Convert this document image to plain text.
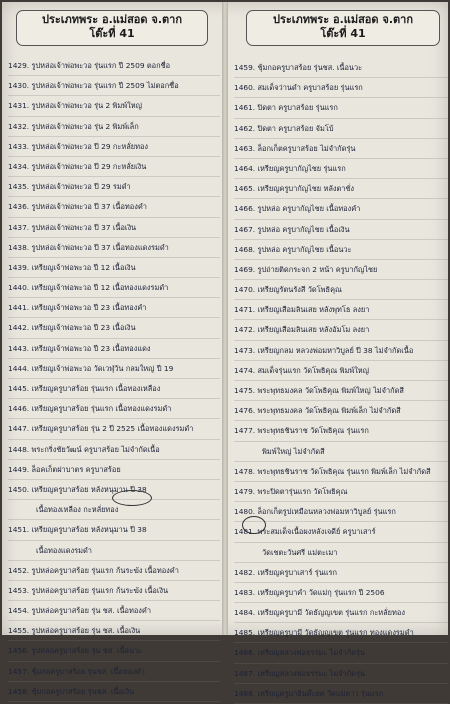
ประเภทพระ อ.แม่สอด จ.ตาก
โต๊ะที่ 41
1429. รูปหล่อเจ้าพ่อพะวอ รุ่นแรก ปี 2509 ตอกชื่อ
1430. รูปหล่อเจ้าพ่อพะวอ รุ่นแรก ปี 2509 ไม่ตอกชื่อ
1431. รูปหล่อเจ้าพ่อพะวอ รุ่น 2 พิมพ์ใหญ่
1432. รูปหล่อเจ้าพ่อพะวอ รุ่น 2 พิมพ์เล็ก
1433. รูปหล่อเจ้าพ่อพะวอ ปี 29 กะหลั่ยทอง
1434. รูปหล่อเจ้าพ่อพะวอ ปี 29 กะหลั่ยเงิน
1435. รูปหล่อเจ้าพ่อพะวอ ปี 29 รมดำ
1436. รูปหล่อเจ้าพ่อพะวอ ปี 37 เนื้อทองคำ
1437. รูปหล่อเจ้าพ่อพะวอ ปี 37 เนื้อเงิน
1438. รูปหล่อเจ้าพ่อพะวอ ปี 37 เนื้อทองแดงรมดำ
1439. เหรียญเจ้าพ่อพะวอ ปี 12 เนื้อเงิน
1440. เหรียญเจ้าพ่อพะวอ ปี 12 เนื้อทองแดงรมดำ
1441. เหรียญเจ้าพ่อพะวอ ปี 23 เนื้อทองคำ
1442. เหรียญเจ้าพ่อพะวอ ปี 23 เนื้อเงิน
1443. เหรียญเจ้าพ่อพะวอ ปี 23 เนื้อทองแดง
1444. เหรียญเจ้าพ่อพะวอ วัดเวฬุวัน กลมใหญ่ ปี 19
1445. เหรียญครูบาสร้อย รุ่นแรก เนื้อทองเหลือง
1446. เหรียญครูบาสร้อย รุ่นแรก เนื้อทองแดงรมดำ
1447. เหรียญครูบาสร้อย รุ่น 2 ปี 2525 เนื้อทองแดงรมดำ
1448. พระกริ่งชัยวัฒน์ ครูบาสร้อย ไม่จำกัดเนื้อ
1449. ล็อคเก็ตฝาบาตร ครูบาสร้อย
1450. เหรียญครูบาสร้อย หลังหนุมาน ปี 38
เนื้อทองเหลือง กะหลั่ยทอง
1451. เหรียญครูบาสร้อย หลังหนุมาน ปี 38
เนื้อทองแดงรมดำ
1452. รูปหล่อครูบาสร้อย รุ่นแรก ก้นระฆัง เนื้อทองคำ
1453. รูปหล่อครูบาสร้อย รุ่นแรก ก้นระฆัง เนื้อเงิน
1454. รูปหล่อครูบาสร้อย รุ่น ชส. เนื้อทองคำ
1455. รูปหล่อครูบาสร้อย รุ่น ชส. เนื้อเงิน
1456. รูปหล่อครูบาสร้อย รุ่น ชส. เนื้อนวะ
1457. ชุ้มกอครูบาสร้อย รุ่นชส. เนื้อทองคำ
1458. ชุ้มกอครูบาสร้อย รุ่นชส. เนื้อเงิน
ประเภทพระ อ.แม่สอด จ.ตาก
โต๊ะที่ 41
1459. ชุ้มกอครูบาสร้อย รุ่นชส. เนื้อนวะ
1460. สมเด็จว่านดำ ครูบาสร้อย รุ่นแรก
1461. ปิดตา ครูบาสร้อย รุ่นแรก
1462. ปิดตา ครูบาสร้อย จัมโบ้
1463. ล็อกเก็ตครูบาสร้อย ไม่จำกัดรุ่น
1464. เหรียญครูบากัญไชย รุ่นแรก
1465. เหรียญครูบากัญไชย หลังตาชั่ง
1466. รูปหล่อ ครูบากัญไชย เนื้อทองคำ
1467. รูปหล่อ ครูบากัญไชย เนื้อเงิน
1468. รูปหล่อ ครูบากัญไชย เนื้อนวะ
1469. รูปถ่ายติดกระจก 2 หน้า ครูบากัญไชย
1470. เหรียญรัตนรังสี วัดโพธิคุณ
1471. เหรียญเสือมลินเสย หลังพุทโธ ลงยา
1472. เหรียญเสือมลินเสย หลังอัมโม ลงยา
1473. เหรียญกลม หลวงพ่อมหาวิบูลย์ ปี 38 ไม่จำกัดเนื้อ
1474. สมเด็จรุ่นแรก วัดโพธิคุณ พิมพ์ใหญ่
1475. พระพุทธมงคล วัดโพธิคุณ พิมพ์ใหญ่ ไม่จำกัดสี
1476. พระพุทธมงคล วัดโพธิคุณ พิมพ์เล็ก ไม่จำกัดสี
1477. พระพุทธชินราช วัดโพธิคุณ รุ่นแรก
พิมพ์ใหญ่ ไม่จำกัดสี
1478. พระพุทธชินราช วัดโพธิคุณ รุ่นแรก พิมพ์เล็ก ไม่จำกัดสี
1479. พระปิดตารุ่นแรก วัดโพธิคุณ
1480. ล็อกเก็ตรูปเหมือนหลวงพ่อมหาวิบูลย์ รุ่นแรก
1481. พระสมเด็จเนื้อผงหลังเจดีย์ ครูบาเสาร์
วัดเชตะวันศรี แม่ตะเมา
1482. เหรียญครูบาเสาร์ รุ่นแรก
1483. เหรียญครูบาคำ วัดแม่กุ รุ่นแรก ปี 2506
1484. เหรียญครูบามี วัดธัญญเขต รุ่นแรก กะหลั่ยทอง
1485. เหรียญครูบามี วัดธัญญเขต รุ่นแรก ทองแดงรมดำ
1486. เหรียญหลวงพ่อธรรมะ ไม่จำกัดรุ่น
1487. เหรียญหลวงพ่อธรรมะ ไม่จำกัดรุ่น
1488. เหรียญครูบาอินต๊ะยศ วัดแม่ตาว รุ่นแรก
